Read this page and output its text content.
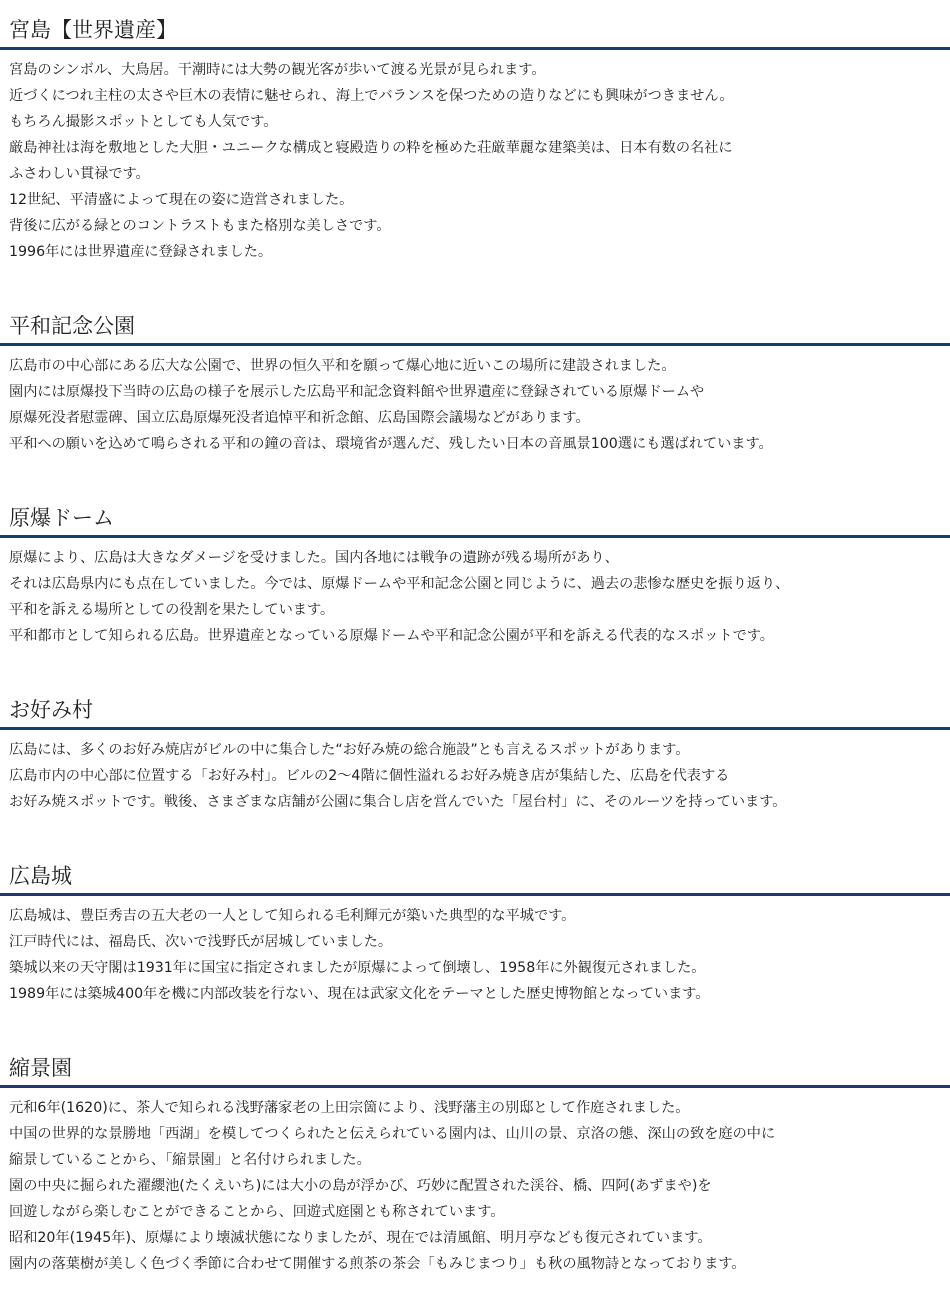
宮島【世界遺産】
宮島のシンボル、大鳥居。干潮時には大勢の観光客が歩いて渡る光景が見られます。
近づくにつれ主柱の太さや巨木の表情に魅せられ、海上でバランスを保つための造りなどにも興味がつきません。
もちろん撮影スポットとしても人気です。
厳島神社は海を敷地とした大胆・ユニークな構成と寝殿造りの粋を極めた荘厳華麗な建築美は、日本有数の名社に
ふさわしい貫禄です。
12世紀、平清盛によって現在の姿に造営されました。
背後に広がる緑とのコントラストもまた格別な美しさです。
1996年には世界遺産に登録されました。
平和記念公園
広島市の中心部にある広大な公園で、世界の恒久平和を願って爆心地に近いこの場所に建設されました。
園内には原爆投下当時の広島の様子を展示した広島平和記念資料館や世界遺産に登録されている原爆ドームや
原爆死没者慰霊碑、国立広島原爆死没者追悼平和祈念館、広島国際会議場などがあります。
平和への願いを込めて鳴らされる平和の鐘の音は、環境省が選んだ、残したい日本の音風景100選にも選ばれています。
原爆ドーム
原爆により、広島は大きなダメージを受けました。国内各地には戦争の遺跡が残る場所があり、
それは広島県内にも点在していました。今では、原爆ドームや平和記念公園と同じように、過去の悲惨な歴史を振り返り、
平和を訴える場所としての役割を果たしています。
平和都市として知られる広島。世界遺産となっている原爆ドームや平和記念公園が平和を訴える代表的なスポットです。
お好み村
広島には、多くのお好み焼店がビルの中に集合した“お好み焼の総合施設”とも言えるスポットがあります。
広島市内の中心部に位置する「お好み村」。ビルの2〜4階に個性溢れるお好み焼き店が集結した、広島を代表する
お好み焼スポットです。戦後、さまざまな店舗が公園に集合し店を営んでいた「屋台村」に、そのルーツを持っています。
広島城
広島城は、豊臣秀吉の五大老の一人として知られる毛利輝元が築いた典型的な平城です。
江戸時代には、福島氏、次いで浅野氏が居城していました。
築城以来の天守閣は1931年に国宝に指定されましたが原爆によって倒壊し、1958年に外観復元されました。
1989年には築城400年を機に内部改装を行ない、現在は武家文化をテーマとした歴史博物館となっています。
縮景園
元和6年(1620)に、茶人で知られる浅野藩家老の上田宗箇により、浅野藩主の別邸として作庭されました。
中国の世界的な景勝地「西湖」を模してつくられたと伝えられている園内は、山川の景、京洛の態、深山の致を庭の中に
縮景していることから、「縮景園」と名付けられました。
園の中央に掘られた濯纓池(たくえいち)には大小の島が浮かび、巧妙に配置された渓谷、橋、四阿(あずまや)を
回遊しながら楽しむことができることから、回遊式庭園とも称されています。
昭和20年(1945年)、原爆により壊滅状態になりましたが、現在では清風館、明月亭なども復元されています。
園内の落葉樹が美しく色づく季節に合わせて開催する煎茶の茶会「もみじまつり」も秋の風物詩となっております。
